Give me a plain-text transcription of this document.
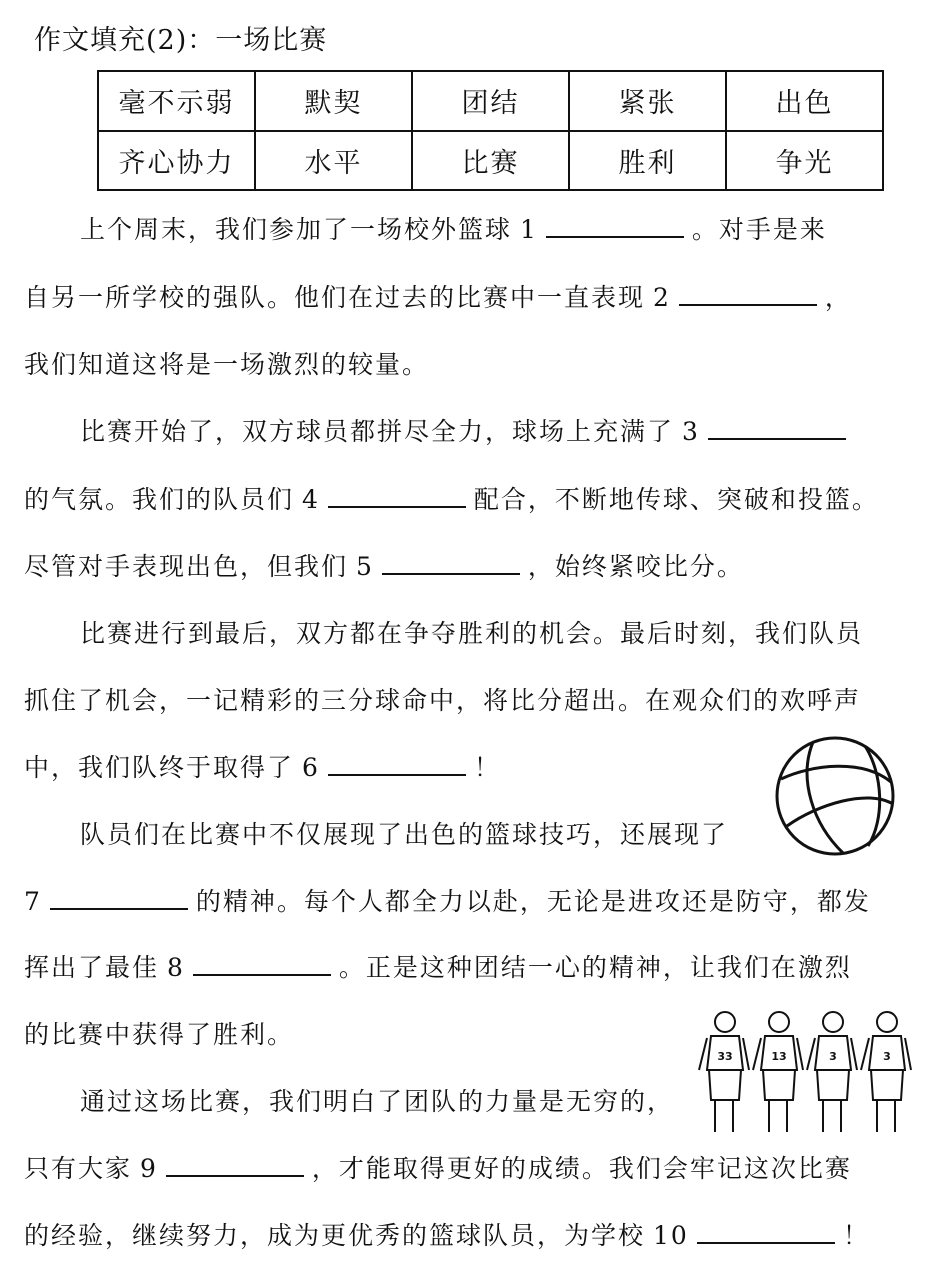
作文填充(2)：一场比赛
毫不示弱	默契	团结	紧张	出色
齐心协力	水平	比赛	胜利	争光
上个周末，我们参加了一场校外篮球 1	。对手是来
自另一所学校的强队。他们在过去的比赛中一直表现 2	，
我们知道这将是一场激烈的较量。
比赛开始了，双方球员都拼尽全力，球场上充满了 3
的气氛。我们的队员们 4	配合，不断地传球、突破和投篮。
尽管对手表现出色，但我们 5	，始终紧咬比分。
比赛进行到最后，双方都在争夺胜利的机会。最后时刻，我们队员
抓住了机会，一记精彩的三分球命中，将比分超出。在观众们的欢呼声
中，我们队终于取得了 6	！
队员们在比赛中不仅展现了出色的篮球技巧，还展现了
7	的精神。每个人都全力以赴，无论是进攻还是防守，都发
挥出了最佳 8	。正是这种团结一心的精神，让我们在激烈
的比赛中获得了胜利。
通过这场比赛，我们明白了团队的力量是无穷的，
只有大家 9	，才能取得更好的成绩。我们会牢记这次比赛
的经验，继续努力，成为更优秀的篮球队员，为学校 10	！
33	13	3	3
